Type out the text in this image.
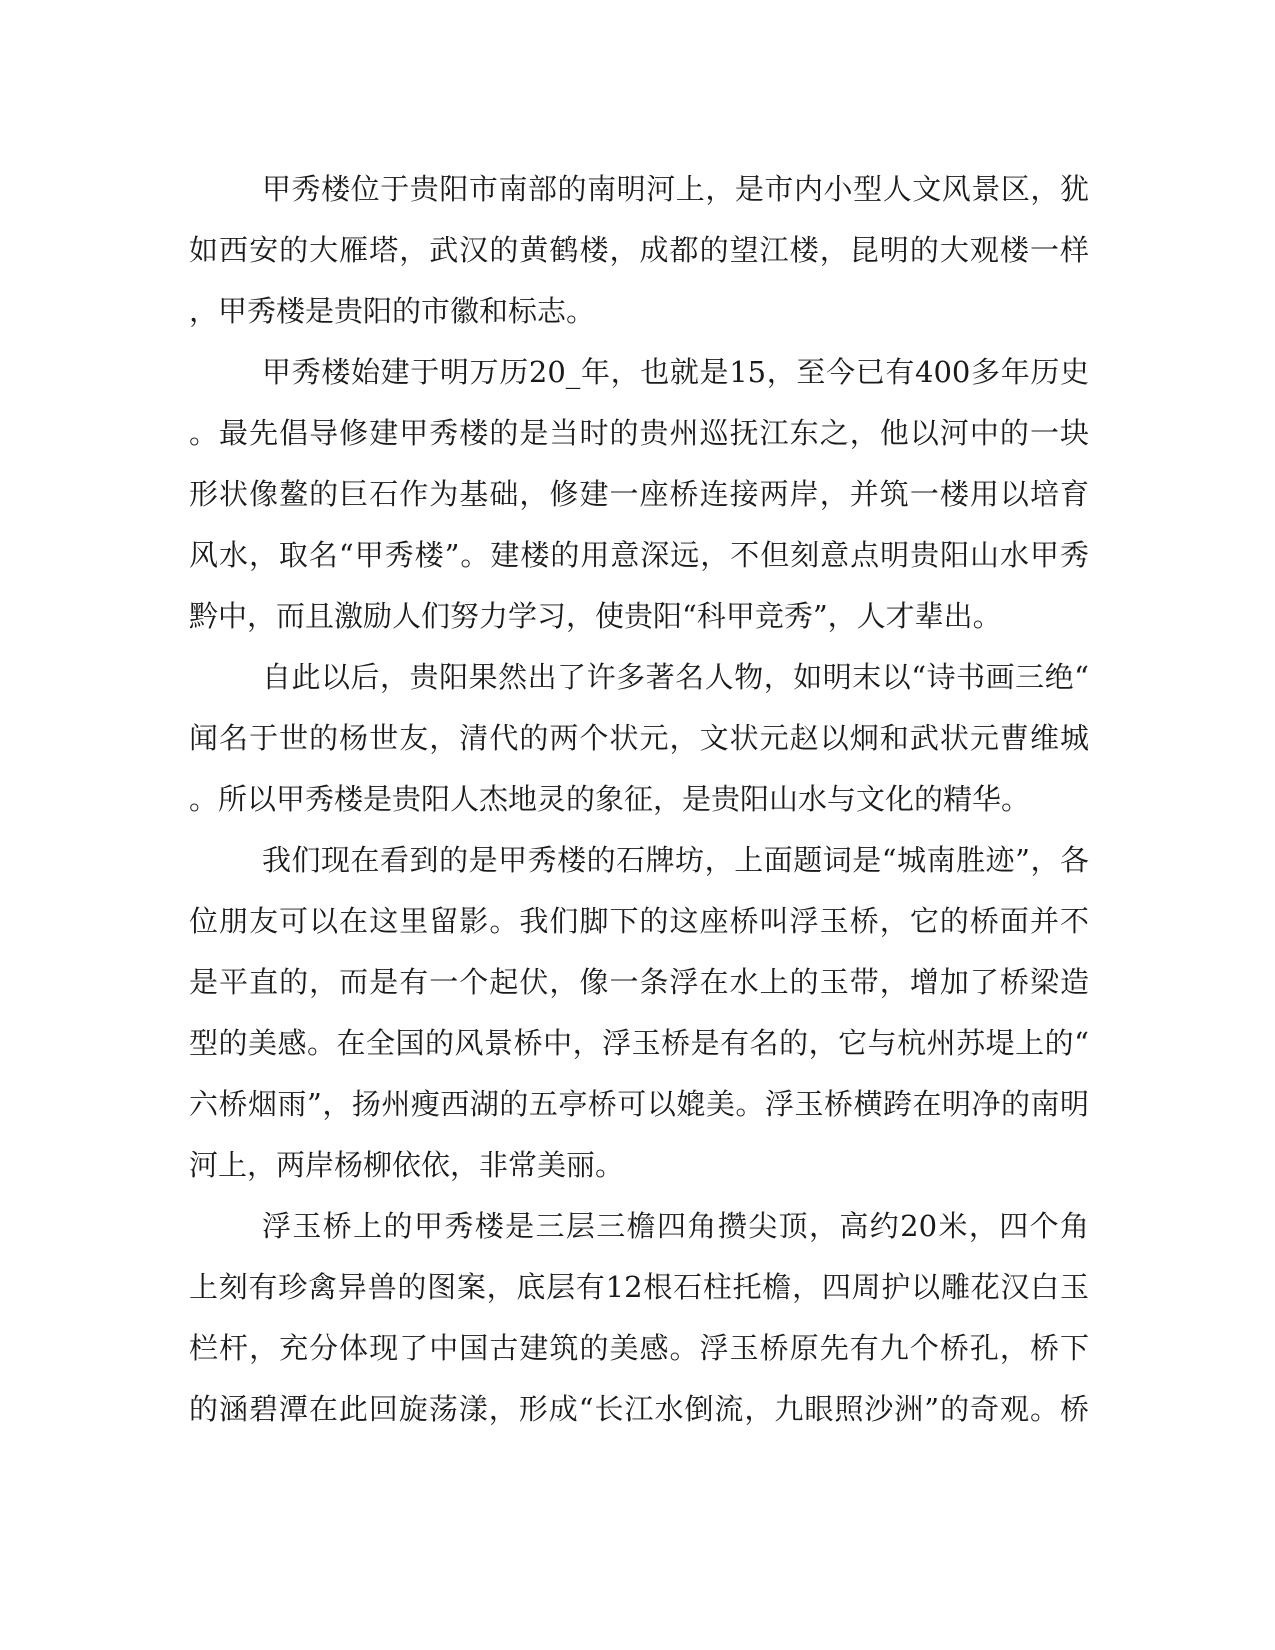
甲秀楼位于贵阳市南部的南明河上，是市内小型人文风景区，犹
如西安的大雁塔，武汉的黄鹤楼，成都的望江楼，昆明的大观楼一样
，甲秀楼是贵阳的市徽和标志。
甲秀楼始建于明万历20_年，也就是15，至今已有400多年历史
。最先倡导修建甲秀楼的是当时的贵州巡抚江东之，他以河中的一块
形状像鳌的巨石作为基础，修建一座桥连接两岸，并筑一楼用以培育
风水，取名“甲秀楼”。建楼的用意深远，不但刻意点明贵阳山水甲秀
黔中，而且激励人们努力学习，使贵阳“科甲竞秀”，人才辈出。
自此以后，贵阳果然出了许多著名人物，如明末以“诗书画三绝“
闻名于世的杨世友，清代的两个状元，文状元赵以炯和武状元曹维城
。所以甲秀楼是贵阳人杰地灵的象征，是贵阳山水与文化的精华。
我们现在看到的是甲秀楼的石牌坊，上面题词是“城南胜迹”，各
位朋友可以在这里留影。我们脚下的这座桥叫浮玉桥，它的桥面并不
是平直的，而是有一个起伏，像一条浮在水上的玉带，增加了桥梁造
型的美感。在全国的风景桥中，浮玉桥是有名的，它与杭州苏堤上的“
六桥烟雨”，扬州瘦西湖的五亭桥可以媲美。浮玉桥横跨在明净的南明
河上，两岸杨柳依依，非常美丽。
浮玉桥上的甲秀楼是三层三檐四角攒尖顶，高约20米，四个角
上刻有珍禽异兽的图案，底层有12根石柱托檐，四周护以雕花汉白玉
栏杆，充分体现了中国古建筑的美感。浮玉桥原先有九个桥孔，桥下
的涵碧潭在此回旋荡漾，形成“长江水倒流，九眼照沙洲”的奇观。桥
